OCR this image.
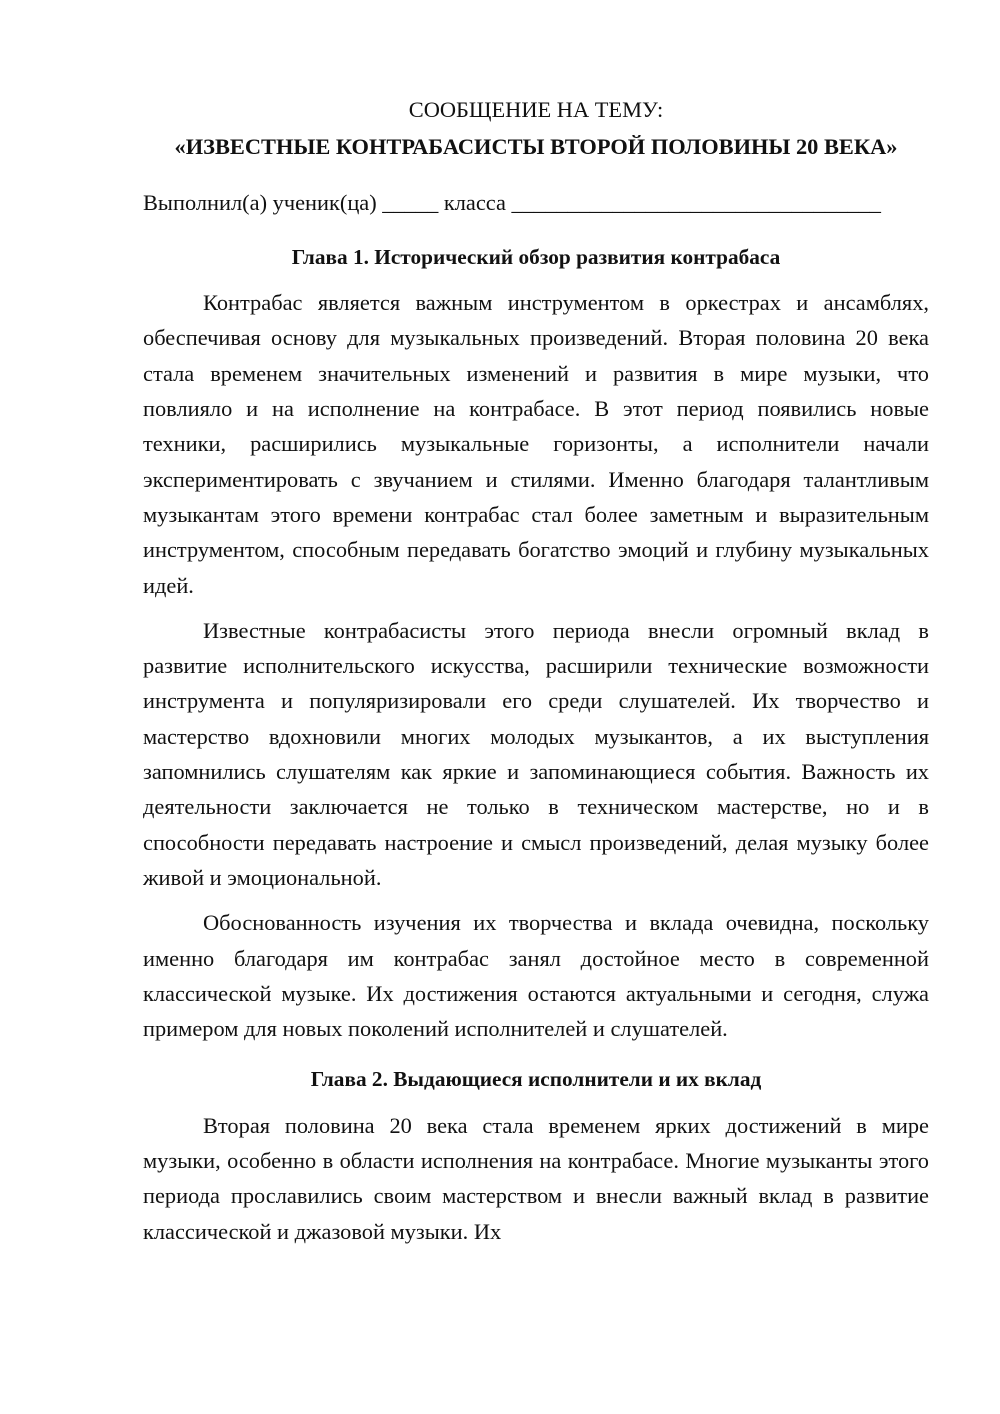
СООБЩЕНИЕ НА ТЕМУ:
«ИЗВЕСТНЫЕ КОНТРАБАСИСТЫ ВТОРОЙ ПОЛОВИНЫ 20 ВЕКА»

Выполнил(а) ученик(ца) _____ класса _________________________________

Глава 1. Исторический обзор развития контрабаса

Контрабас является важным инструментом в оркестрах и ансамблях, обеспечивая основу для музыкальных произведений. Вторая половина 20 века стала временем значительных изменений и развития в мире музыки, что повлияло и на исполнение на контрабасе. В этот период появились новые техники, расширились музыкальные горизонты, а исполнители начали экспериментировать с звучанием и стилями. Именно благодаря талантливым музыкантам этого времени контрабас стал более заметным и выразительным инструментом, способным передавать богатство эмоций и глубину музыкальных идей.

Известные контрабасисты этого периода внесли огромный вклад в развитие исполнительского искусства, расширили технические возможности инструмента и популяризировали его среди слушателей. Их творчество и мастерство вдохновили многих молодых музыкантов, а их выступления запомнились слушателям как яркие и запоминающиеся события. Важность их деятельности заключается не только в техническом мастерстве, но и в способности передавать настроение и смысл произведений, делая музыку более живой и эмоциональной.

Обоснованность изучения их творчества и вклада очевидна, поскольку именно благодаря им контрабас занял достойное место в современной классической музыке. Их достижения остаются актуальными и сегодня, служа примером для новых поколений исполнителей и слушателей.

Глава 2. Выдающиеся исполнители и их вклад

Вторая половина 20 века стала временем ярких достижений в мире музыки, особенно в области исполнения на контрабасе. Многие музыканты этого периода прославились своим мастерством и внесли важный вклад в развитие классической и джазовой музыки. Их
